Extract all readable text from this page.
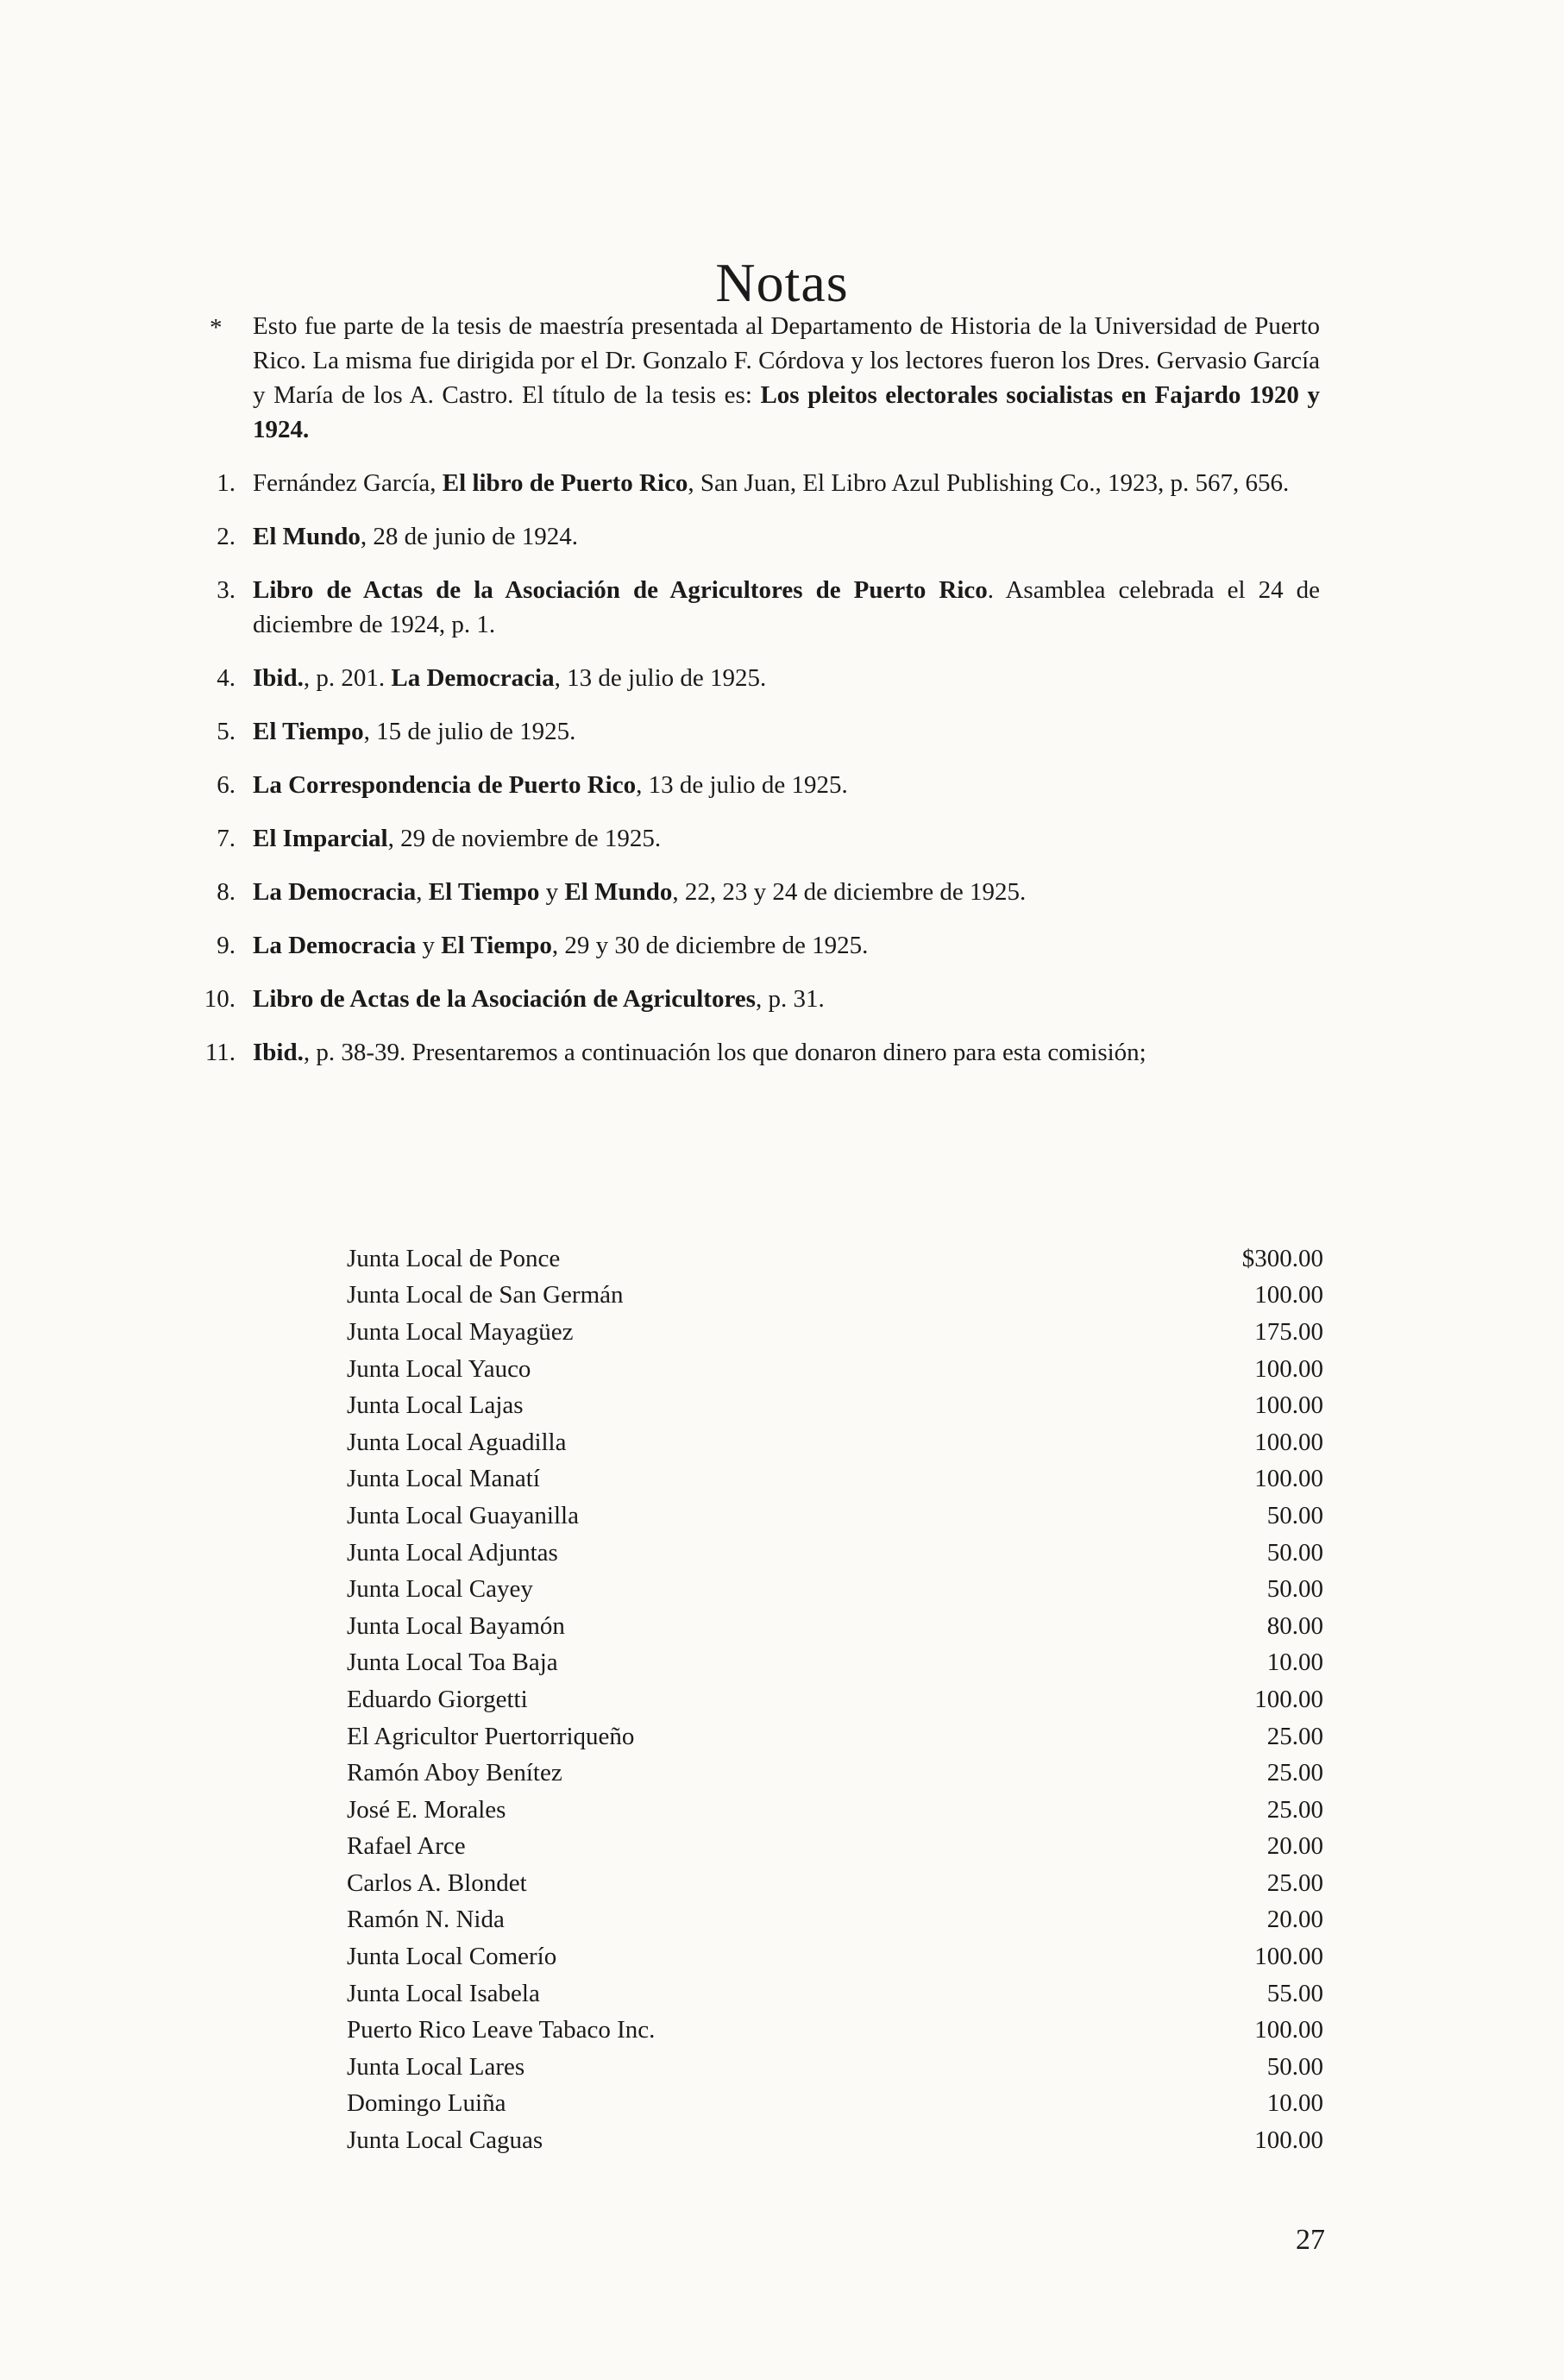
Notas
* Esto fue parte de la tesis de maestría presentada al Departamento de Historia de la Universidad de Puerto Rico. La misma fue dirigida por el Dr. Gonzalo F. Córdova y los lectores fueron los Dres. Gervasio García y María de los A. Castro. El título de la tesis es: Los pleitos electorales socialistas en Fajardo 1920 y 1924.
1. Fernández García, El libro de Puerto Rico, San Juan, El Libro Azul Publishing Co., 1923, p. 567, 656.
2. El Mundo, 28 de junio de 1924.
3. Libro de Actas de la Asociación de Agricultores de Puerto Rico. Asamblea celebrada el 24 de diciembre de 1924, p. 1.
4. Ibid., p. 201. La Democracia, 13 de julio de 1925.
5. El Tiempo, 15 de julio de 1925.
6. La Correspondencia de Puerto Rico, 13 de julio de 1925.
7. El Imparcial, 29 de noviembre de 1925.
8. La Democracia, El Tiempo y El Mundo, 22, 23 y 24 de diciembre de 1925.
9. La Democracia y El Tiempo, 29 y 30 de diciembre de 1925.
10. Libro de Actas de la Asociación de Agricultores, p. 31.
11. Ibid., p. 38-39. Presentaremos a continuación los que donaron dinero para esta comisión;
Junta Local de Ponce	$300.00
Junta Local de San Germán	100.00
Junta Local Mayagüez	175.00
Junta Local Yauco	100.00
Junta Local Lajas	100.00
Junta Local Aguadilla	100.00
Junta Local Manatí	100.00
Junta Local Guayanilla	50.00
Junta Local Adjuntas	50.00
Junta Local Cayey	50.00
Junta Local Bayamón	80.00
Junta Local Toa Baja	10.00
Eduardo Giorgetti	100.00
El Agricultor Puertorriqueño	25.00
Ramón Aboy Benítez	25.00
José E. Morales	25.00
Rafael Arce	20.00
Carlos A. Blondet	25.00
Ramón N. Nida	20.00
Junta Local Comerío	100.00
Junta Local Isabela	55.00
Puerto Rico Leave Tabaco Inc.	100.00
Junta Local Lares	50.00
Domingo Luiña	10.00
Junta Local Caguas	100.00
27
